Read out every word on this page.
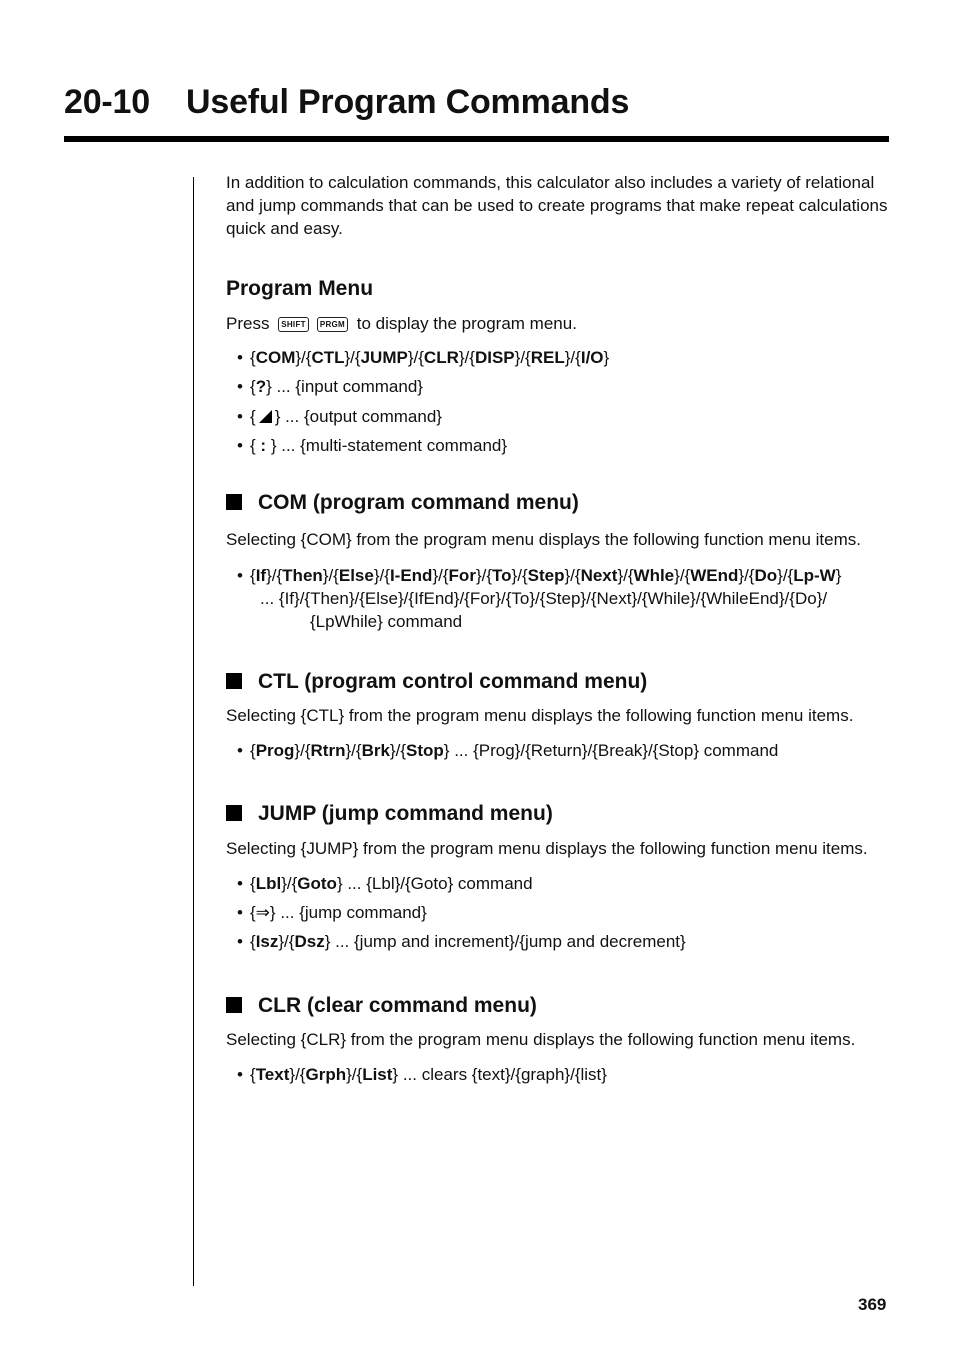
20-10 Useful Program Commands

In addition to calculation commands, this calculator also includes a variety of relational and jump commands that can be used to create programs that make repeat calculations quick and easy.

Program Menu

Press SHIFT PRGM to display the program menu.

• {COM}/{CTL}/{JUMP}/{CLR}/{DISP}/{REL}/{I/O}
• {?} ... {input command}
• { } ... {output command}
• { : } ... {multi-statement command}
COM (program command menu)

Selecting {COM} from the program menu displays the following function menu items.

• {If}/{Then}/{Else}/{I-End}/{For}/{To}/{Step}/{Next}/{Whle}/{WEnd}/{Do}/{Lp-W}
... {If}/{Then}/{Else}/{IfEnd}/{For}/{To}/{Step}/{Next}/{While}/{WhileEnd}/{Do}/
{LpWhile} command
CTL (program control command menu)

Selecting {CTL} from the program menu displays the following function menu items.

• {Prog}/{Rtrn}/{Brk}/{Stop} ... {Prog}/{Return}/{Break}/{Stop} command
JUMP (jump command menu)

Selecting {JUMP} from the program menu displays the following function menu items.

• {Lbl}/{Goto} ... {Lbl}/{Goto} command
• {⇒} ... {jump command}
• {Isz}/{Dsz} ... {jump and increment}/{jump and decrement}
CLR (clear command menu)

Selecting {CLR} from the program menu displays the following function menu items.

• {Text}/{Grph}/{List} ... clears {text}/{graph}/{list}
369
